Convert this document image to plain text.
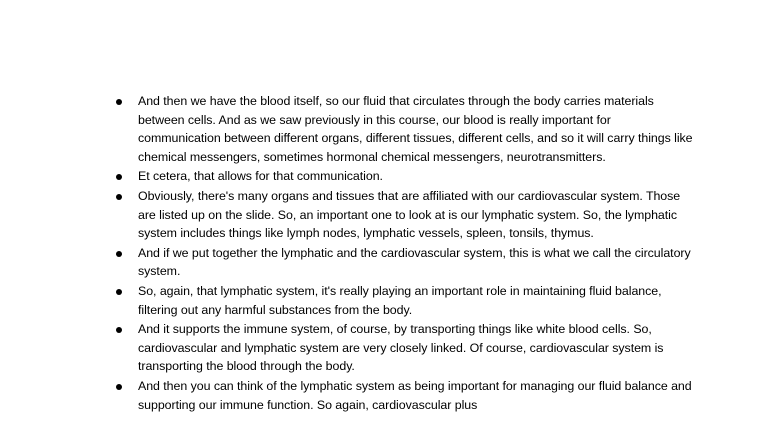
And then we have the blood itself, so our fluid that circulates through the body carries materials between cells. And as we saw previously in this course, our blood is really important for communication between different organs, different tissues, different cells, and so it will carry things like chemical messengers, sometimes hormonal chemical messengers, neurotransmitters.
Et cetera, that allows for that communication.
Obviously, there's many organs and tissues that are affiliated with our cardiovascular system. Those are listed up on the slide. So, an important one to look at is our lymphatic system. So, the lymphatic system includes things like lymph nodes, lymphatic vessels, spleen, tonsils, thymus.
And if we put together the lymphatic and the cardiovascular system, this is what we call the circulatory system.
So, again, that lymphatic system, it's really playing an important role in maintaining fluid balance, filtering out any harmful substances from the body.
And it supports the immune system, of course, by transporting things like white blood cells. So, cardiovascular and lymphatic system are very closely linked. Of course, cardiovascular system is transporting the blood through the body.
And then you can think of the lymphatic system as being important for managing our fluid balance and supporting our immune function. So again, cardiovascular plus
